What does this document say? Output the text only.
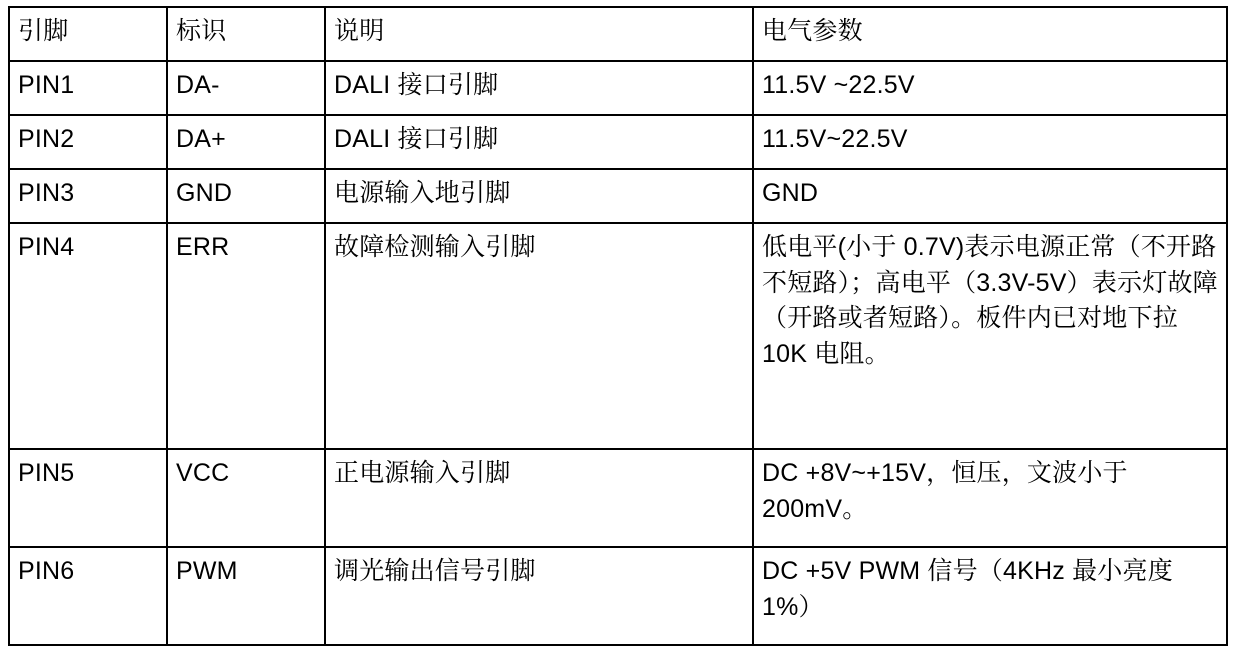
引脚	标识	说明	电气参数

PIN1	DA-	DALI 接口引脚	11.5V ~22.5V

PIN2	DA+	DALI 接口引脚	11.5V~22.5V

PIN3	GND	电源输入地引脚	GND

PIN4	ERR	故障检测输入引脚	低电平(小于 0.7V)表示电源正常（不开路不短路）；高电平（3.3V-5V）表示灯故障（开路或者短路）。板件内已对地下拉 10K 电阻。

PIN5	VCC	正电源输入引脚	DC +8V~+15V，恒压，文波小于 200mV。

PIN6	PWM	调光输出信号引脚	DC +5V PWM 信号（4KHz 最小亮度 1%）
